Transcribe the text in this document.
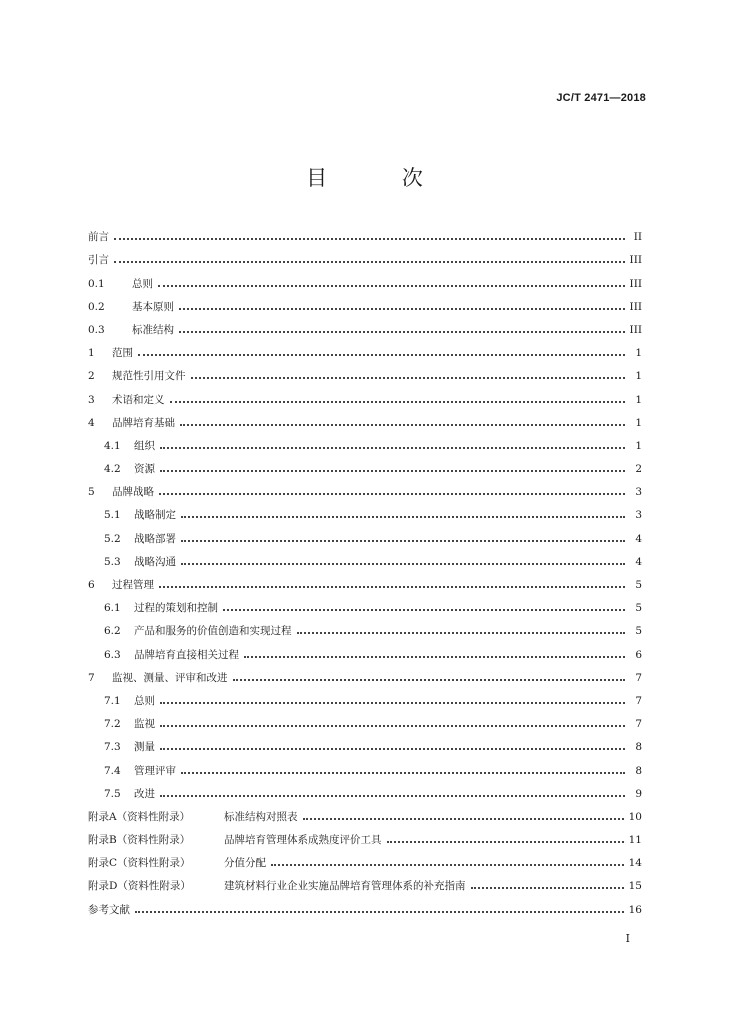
JC/T 2471—2018
目 次
前言	II
引言	III
0.1	总则	III
0.2	基本原则	III
0.3	标准结构	III
1	范围	1
2	规范性引用文件	1
3	术语和定义	1
4	品牌培育基础	1
4.1	组织	1
4.2	资源	2
5	品牌战略	3
5.1	战略制定	3
5.2	战略部署	4
5.3	战略沟通	4
6	过程管理	5
6.1	过程的策划和控制	5
6.2	产品和服务的价值创造和实现过程	5
6.3	品牌培育直接相关过程	6
7	监视、测量、评审和改进	7
7.1	总则	7
7.2	监视	7
7.3	测量	8
7.4	管理评审	8
7.5	改进	9
附录A（资料性附录）	标准结构对照表	10
附录B（资料性附录）	品牌培育管理体系成熟度评价工具	11
附录C（资料性附录）	分值分配	14
附录D（资料性附录）	建筑材料行业企业实施品牌培育管理体系的补充指南	15
参考文献	16
I
